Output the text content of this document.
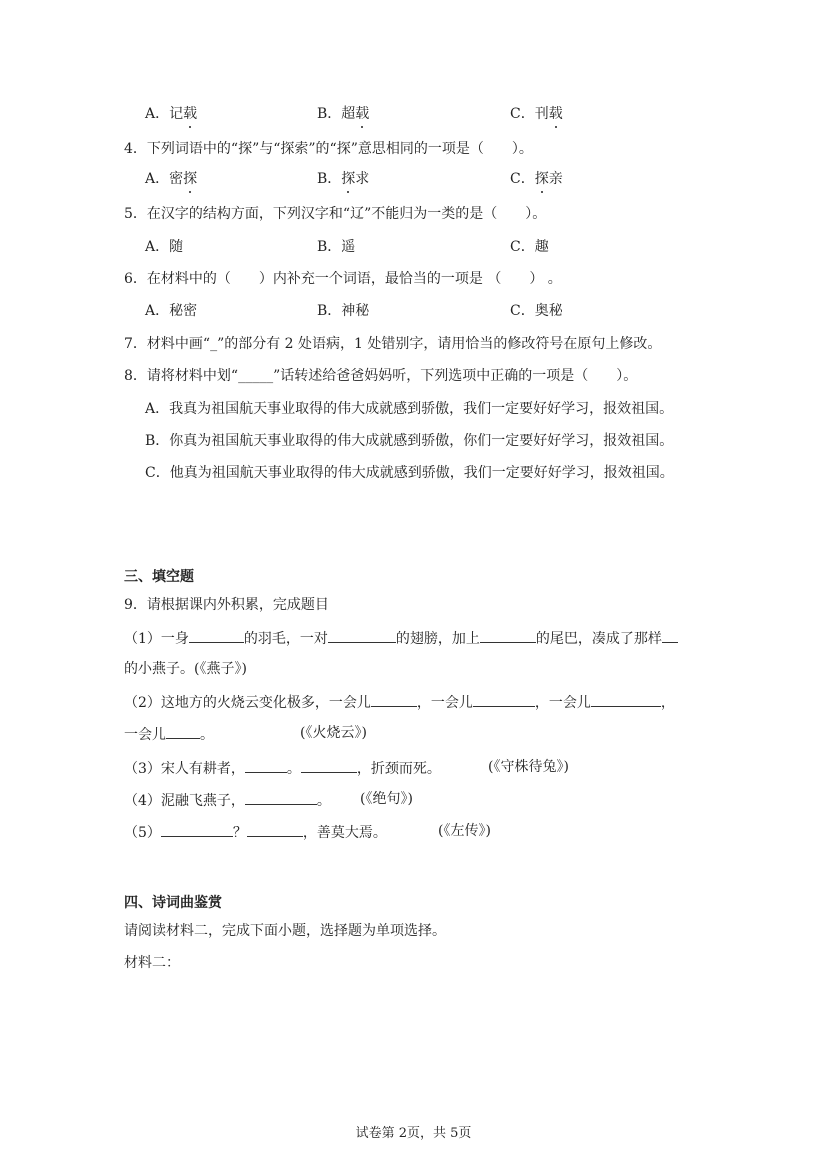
A．记载	B．超载	C．刊载
4．下列词语中的“探”与“探索”的“探”意思相同的一项是（　　）。
A．密探	B．探求	C．探亲
5．在汉字的结构方面，下列汉字和“辽”不能归为一类的是（　　）。
A．随	B．遥	C．趣
6．在材料中的（　　）内补充一个词语，最恰当的一项是 （　　） 。
A．秘密	B．神秘	C．奥秘
7．材料中画“_”的部分有 2 处语病，1 处错别字，请用恰当的修改符号在原句上修改。
8．请将材料中划“_____”话转述给爸爸妈妈听，下列选项中正确的一项是（　　）。
A．我真为祖国航天事业取得的伟大成就感到骄傲，我们一定要好好学习，报效祖国。
B．你真为祖国航天事业取得的伟大成就感到骄傲，你们一定要好好学习，报效祖国。
C．他真为祖国航天事业取得的伟大成就感到骄傲，我们一定要好好学习，报效祖国。
三、填空题
9．请根据课内外积累，完成题目
（1）一身	的羽毛，一对	的翅膀，加上	的尾巴，凑成了那样
的小燕子。(《燕子》)
（2）这地方的火烧云变化极多，一会儿	，一会儿	，一会儿	，
一会儿 。	(《火烧云》)
（3）宋人有耕者，	。	，折颈而死。	(《守株待兔》)
（4）泥融飞燕子，	。 (《绝句》)
（5）	？	，善莫大焉。	(《左传》)
四、诗词曲鉴赏
请阅读材料二，完成下面小题，选择题为单项选择。
材料二：
试卷第 2页，共 5页
